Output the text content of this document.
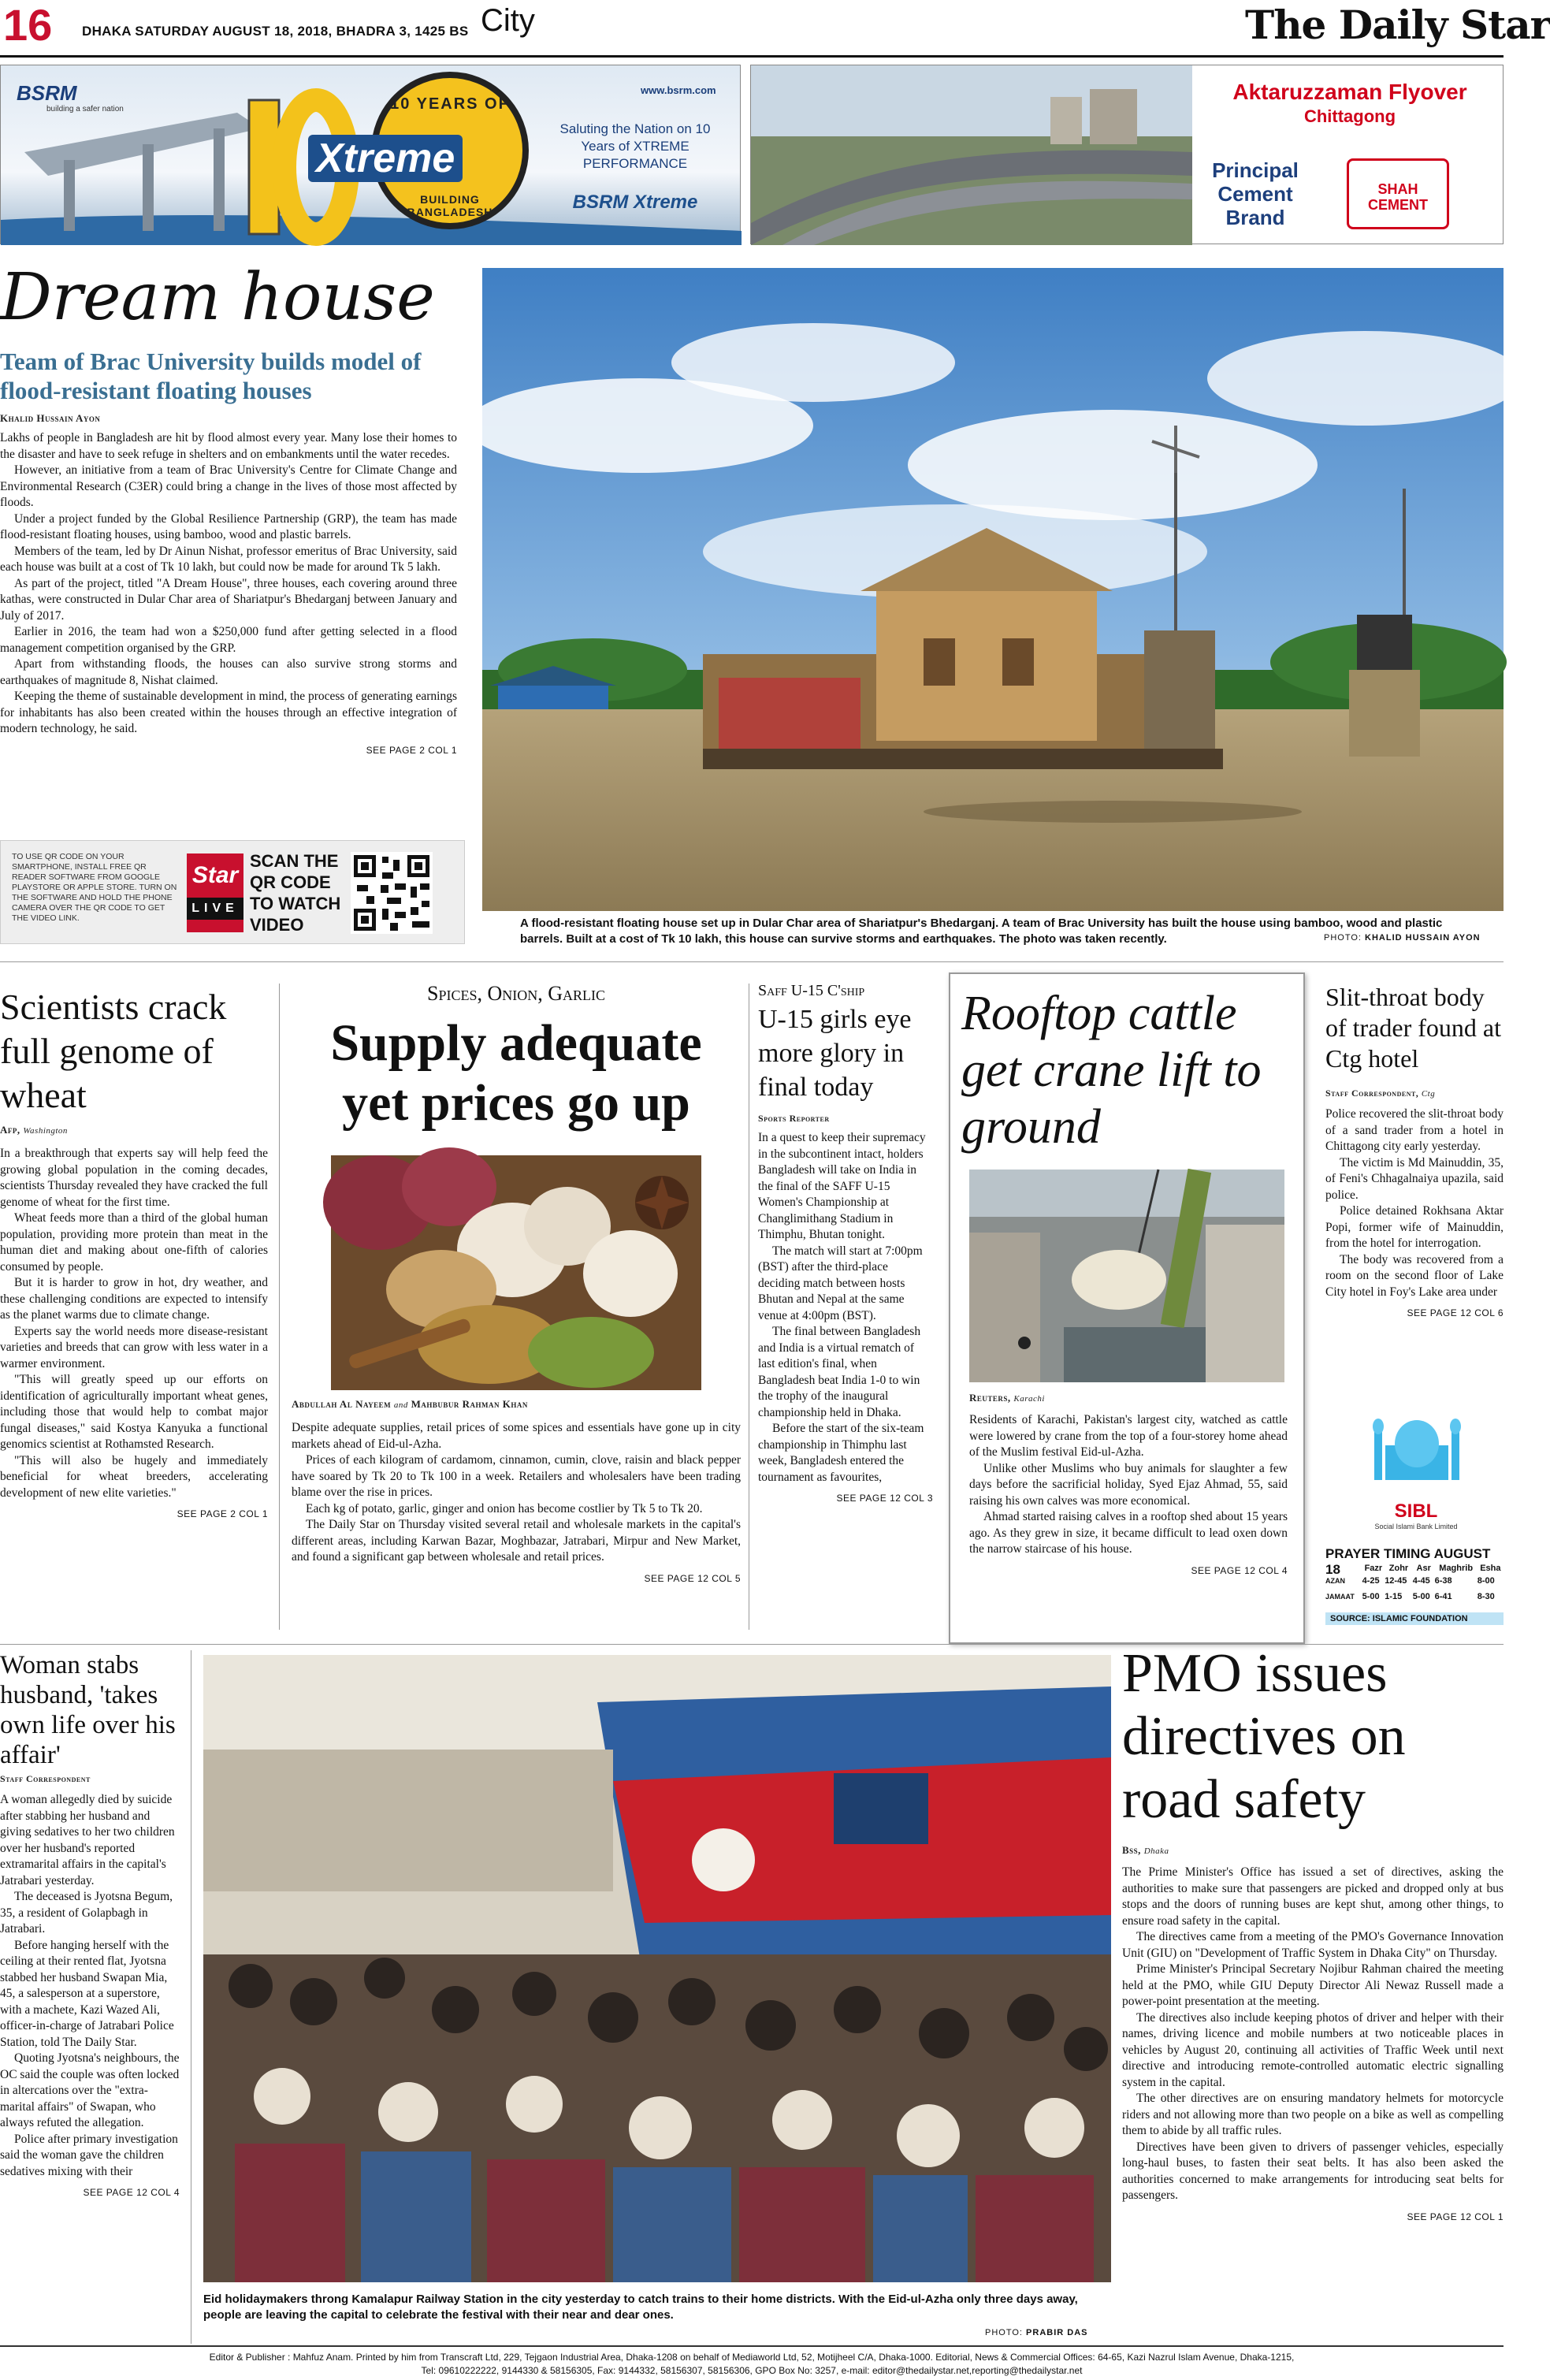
16 DHAKA SATURDAY AUGUST 18, 2018, BHADRA 3, 1425 BS City	The Daily Star
BSRM
building a safer nation	10 YEARS OF
BUILDING BANGLADESH
Xtreme
www.bsrm.com
Saluting the Nation on 10 Years of XTREME PERFORMANCE
BSRM Xtreme
Aktaruzzaman Flyover
Chittagong
Principal Cement Brand
SHAH CEMENT
Dream house
Team of Brac University builds model of flood-resistant floating houses
Khalid Hussain Ayon

Lakhs of people in Bangladesh are hit by flood almost every year. Many lose their homes to the disaster and have to seek refuge in shelters and on embankments until the water recedes.

However, an initiative from a team of Brac University's Centre for Climate Change and Environmental Research (C3ER) could bring a change in the lives of those most affected by floods.

Under a project funded by the Global Resilience Partnership (GRP), the team has made flood-resistant floating houses, using bamboo, wood and plastic barrels.

Members of the team, led by Dr Ainun Nishat, professor emeritus of Brac University, said each house was built at a cost of Tk 10 lakh, but could now be made for around Tk 5 lakh.

As part of the project, titled "A Dream House", three houses, each covering around three kathas, were constructed in Dular Char area of Shariatpur's Bhedarganj between January and July of 2017.

Earlier in 2016, the team had won a $250,000 fund after getting selected in a flood management competition organised by the GRP.

Apart from withstanding floods, the houses can also survive strong storms and earthquakes of magnitude 8, Nishat claimed.

Keeping the theme of sustainable development in mind, the process of generating earnings for inhabitants has also been created within the houses through an effective integration of modern technology, he said.

SEE PAGE 2 COL 1
TO USE QR CODE ON YOUR SMARTPHONE, INSTALL FREE QR READER SOFTWARE FROM GOOGLE PLAYSTORE OR APPLE STORE. TURN ON THE SOFTWARE AND HOLD THE PHONE CAMERA OVER THE QR CODE TO GET THE VIDEO LINK.
Star
LIVE
SCAN THE QR CODE TO WATCH VIDEO	A flood-resistant floating house set up in Dular Char area of Shariatpur's Bhedarganj. A team of Brac University has built the house using bamboo, wood and plastic barrels. Built at a cost of Tk 10 lakh, this house can survive storms and earthquakes. The photo was taken recently.	PHOTO: KHALID HUSSAIN AYON
Scientists crack full genome of wheat
Afp, Washington

In a breakthrough that experts say will help feed the growing global population in the coming decades, scientists Thursday revealed they have cracked the full genome of wheat for the first time.

Wheat feeds more than a third of the global human population, providing more protein than meat in the human diet and making about one-fifth of calories consumed by people.

But it is harder to grow in hot, dry weather, and these challenging conditions are expected to intensify as the planet warms due to climate change.

Experts say the world needs more disease-resistant varieties and breeds that can grow with less water in a warmer environment.

"This will greatly speed up our efforts on identification of agriculturally important wheat genes, including those that would help to combat major fungal diseases," said Kostya Kanyuka a functional genomics scientist at Rothamsted Research.

"This will also be hugely and immediately beneficial for wheat breeders, accelerating development of new elite varieties."

SEE PAGE 2 COL 1
Spices, Onion, Garlic
Supply adequate yet prices go up
Abdullah Al Nayeem and Mahbubur Rahman Khan

Despite adequate supplies, retail prices of some spices and essentials have gone up in city markets ahead of Eid-ul-Azha.

Prices of each kilogram of cardamom, cinnamon, cumin, clove, raisin and black pepper have soared by Tk 20 to Tk 100 in a week. Retailers and wholesalers have been trading blame over the rise in prices.

Each kg of potato, garlic, ginger and onion has become costlier by Tk 5 to Tk 20.

The Daily Star on Thursday visited several retail and wholesale markets in the capital's different areas, including Karwan Bazar, Moghbazar, Jatrabari, Mirpur and New Market, and found a significant gap between wholesale and retail prices.

SEE PAGE 12 COL 5
Saff U-15 C'ship
U-15 girls eye more glory in final today
Sports Reporter

In a quest to keep their supremacy in the subcontinent intact, holders Bangladesh will take on India in the final of the SAFF U-15 Women's Championship at Changlimithang Stadium in Thimphu, Bhutan tonight.

The match will start at 7:00pm (BST) after the third-place deciding match between hosts Bhutan and Nepal at the same venue at 4:00pm (BST).

The final between Bangladesh and India is a virtual rematch of last edition's final, when Bangladesh beat India 1-0 to win the trophy of the inaugural championship held in Dhaka.

Before the start of the six-team championship in Thimphu last week, Bangladesh entered the tournament as favourites,

SEE PAGE 12 COL 3
Rooftop cattle get crane lift to ground
Reuters, Karachi

Residents of Karachi, Pakistan's largest city, watched as cattle were lowered by crane from the top of a four-storey home ahead of the Muslim festival Eid-ul-Azha.

Unlike other Muslims who buy animals for slaughter a few days before the sacrificial holiday, Syed Ejaz Ahmad, 55, said raising his own calves was more economical.

Ahmad started raising calves in a rooftop shed about 15 years ago. As they grew in size, it became difficult to lead oxen down the narrow staircase of his house.

SEE PAGE 12 COL 4
Slit-throat body of trader found at Ctg hotel
Staff Correspondent, Ctg

Police recovered the slit-throat body of a sand trader from a hotel in Chittagong city early yesterday.

The victim is Md Mainuddin, 35, of Feni's Chhagalnaiya upazila, said police.

Police detained Rokhsana Aktar Popi, former wife of Mainuddin, from the hotel for interrogation.

The body was recovered from a room on the second floor of Lake City hotel in Foy's Lake area under

SEE PAGE 12 COL 6
SIBL
Social Islami Bank Limited
PRAYER TIMING AUGUST 18
		Fazr	Zohr	Asr	Maghrib	Esha
AZAN	4-25	12-45	4-45	6-38	8-00
JAMAAT	5-00	1-15	5-00	6-41	8-30
SOURCE: ISLAMIC FOUNDATION
Woman stabs husband, 'takes own life over his affair'
Staff Correspondent

A woman allegedly died by suicide after stabbing her husband and giving sedatives to her two children over her husband's reported extramarital affairs in the capital's Jatrabari yesterday.

The deceased is Jyotsna Begum, 35, a resident of Golapbagh in Jatrabari.

Before hanging herself with the ceiling at their rented flat, Jyotsna stabbed her husband Swapan Mia, 45, a salesperson at a superstore, with a machete, Kazi Wazed Ali, officer-in-charge of Jatrabari Police Station, told The Daily Star.

Quoting Jyotsna's neighbours, the OC said the couple was often locked in altercations over the "extra-marital affairs" of Swapan, who always refuted the allegation.

Police after primary investigation said the woman gave the children sedatives mixing with their

SEE PAGE 12 COL 4
Eid holidaymakers throng Kamalapur Railway Station in the city yesterday to catch trains to their home districts. With the Eid-ul-Azha only three days away, people are leaving the capital to celebrate the festival with their near and dear ones.
PHOTO: PRABIR DAS
PMO issues directives on road safety
Bss, Dhaka

The Prime Minister's Office has issued a set of directives, asking the authorities to make sure that passengers are picked and dropped only at bus stops and the doors of running buses are kept shut, among other things, to ensure road safety in the capital.

The directives came from a meeting of the PMO's Governance Innovation Unit (GIU) on "Development of Traffic System in Dhaka City" on Thursday.

Prime Minister's Principal Secretary Nojibur Rahman chaired the meeting held at the PMO, while GIU Deputy Director Ali Newaz Russell made a power-point presentation at the meeting.

The directives also include keeping photos of driver and helper with their names, driving licence and mobile numbers at two noticeable places in vehicles by August 20, continuing all activities of Traffic Week until next directive and introducing remote-controlled automatic electric signalling system in the capital.

The other directives are on ensuring mandatory helmets for motorcycle riders and not allowing more than two people on a bike as well as compelling them to abide by all traffic rules.

Directives have been given to drivers of passenger vehicles, especially long-haul buses, to fasten their seat belts. It has also been asked the authorities concerned to make arrangements for introducing seat belts for passengers.

SEE PAGE 12 COL 1
Editor & Publisher : Mahfuz Anam. Printed by him from Transcraft Ltd, 229, Tejgaon Industrial Area, Dhaka-1208 on behalf of Mediaworld Ltd, 52, Motijheel C/A, Dhaka-1000. Editorial, News & Commercial Offices: 64-65, Kazi Nazrul Islam Avenue, Dhaka-1215,
Tel: 09610222222, 9144330 & 58156305, Fax: 9144332, 58156307, 58156306, GPO Box No: 3257, e-mail: editor@thedailystar.net,reporting@thedailystar.net
